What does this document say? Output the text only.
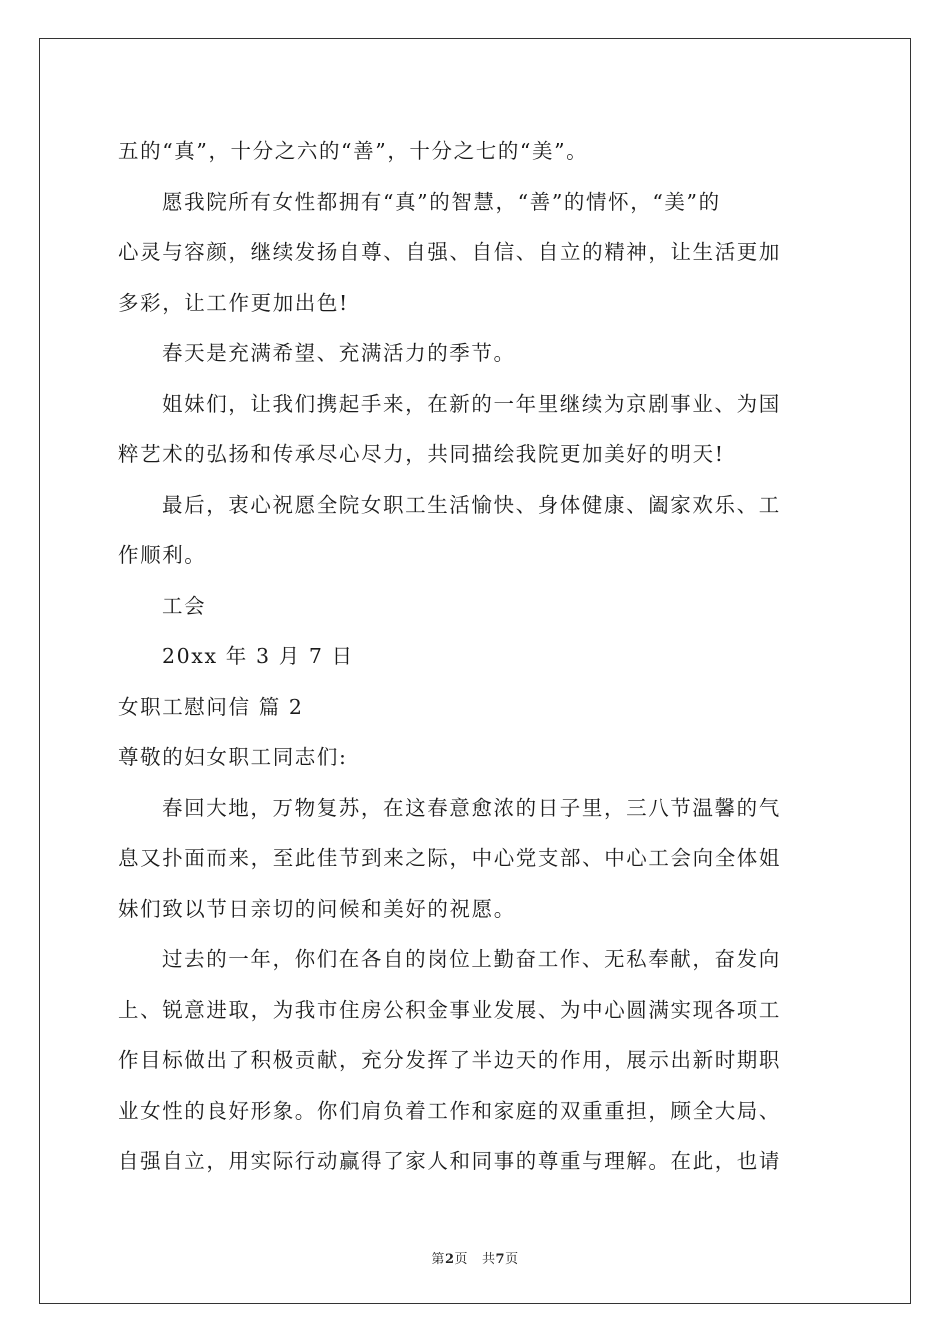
五的“真”，十分之六的“善”，十分之七的“美”。
愿我院所有女性都拥有“真”的智慧，“善”的情怀，“美”的
心灵与容颜，继续发扬自尊、自强、自信、自立的精神，让生活更加
多彩，让工作更加出色!
春天是充满希望、充满活力的季节。
姐妹们，让我们携起手来，在新的一年里继续为京剧事业、为国
粹艺术的弘扬和传承尽心尽力，共同描绘我院更加美好的明天!
最后，衷心祝愿全院女职工生活愉快、身体健康、阖家欢乐、工
作顺利。
工会
20xx 年 3 月 7 日
女职工慰问信 篇 2
尊敬的妇女职工同志们:
春回大地，万物复苏，在这春意愈浓的日子里，三八节温馨的气
息又扑面而来，至此佳节到来之际，中心党支部、中心工会向全体姐
妹们致以节日亲切的问候和美好的祝愿。
过去的一年，你们在各自的岗位上勤奋工作、无私奉献，奋发向
上、锐意进取，为我市住房公积金事业发展、为中心圆满实现各项工
作目标做出了积极贡献，充分发挥了半边天的作用，展示出新时期职
业女性的良好形象。你们肩负着工作和家庭的双重重担，顾全大局、
自强自立，用实际行动赢得了家人和同事的尊重与理解。在此，也请
第2页 共7页
